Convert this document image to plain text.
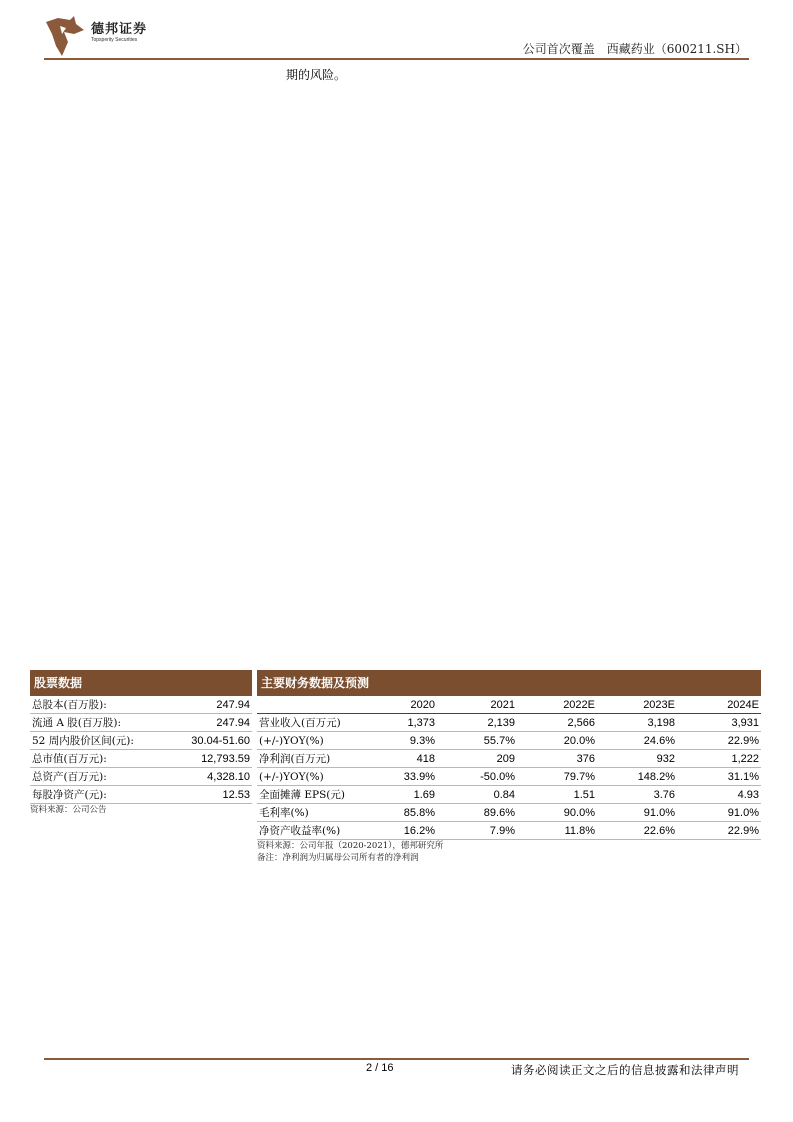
德邦证券
Topsperity Securities
公司首次覆盖　西藏药业（600211.SH）
期的风险。
股票数据
总股本(百万股):	247.94
流通 A 股(百万股):	247.94
52 周内股价区间(元):	30.04-51.60
总市值(百万元):	12,793.59
总资产(百万元):	4,328.10
每股净资产(元):	12.53
资料来源：公司公告
主要财务数据及预测
	2020	2021	2022E	2023E	2024E
营业收入(百万元)	1,373	2,139	2,566	3,198	3,931
(+/-)YOY(%)	9.3%	55.7%	20.0%	24.6%	22.9%
净利润(百万元)	418	209	376	932	1,222
(+/-)YOY(%)	33.9%	-50.0%	79.7%	148.2%	31.1%
全面摊薄 EPS(元)	1.69	0.84	1.51	3.76	4.93
毛利率(%)	85.8%	89.6%	90.0%	91.0%	91.0%
净资产收益率(%)	16.2%	7.9%	11.8%	22.6%	22.9%
资料来源：公司年报（2020-2021），德邦研究所
备注：净利润为归属母公司所有者的净利润
2 / 16	请务必阅读正文之后的信息披露和法律声明
